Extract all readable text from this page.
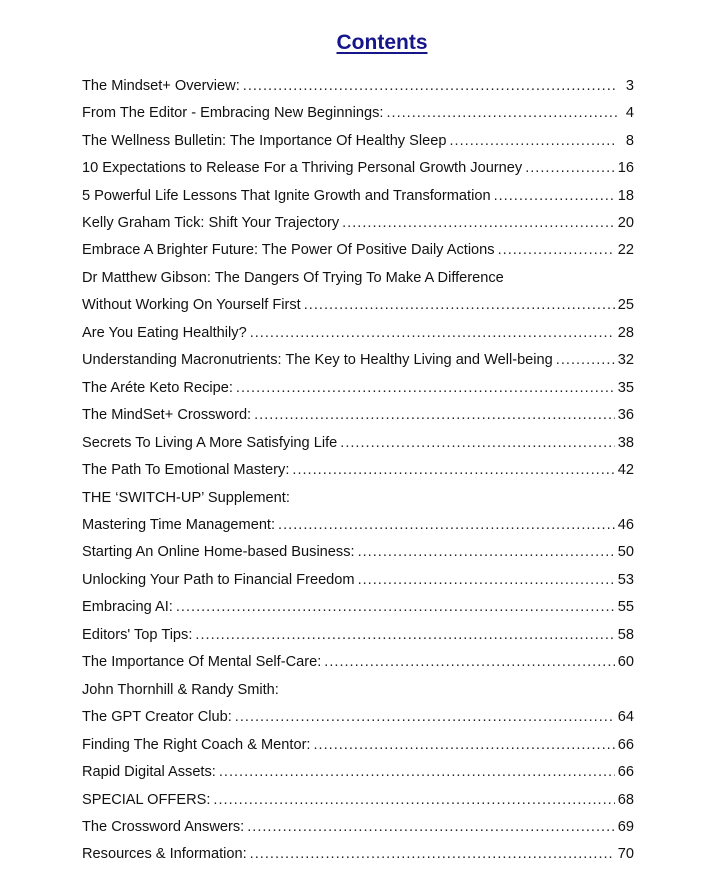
Contents
The Mindset+ Overview: .....	3
From The Editor - Embracing New Beginnings: .....	4
The Wellness Bulletin: The Importance Of Healthy Sleep .....	8
10 Expectations to Release For a Thriving Personal Growth Journey .....	16
5 Powerful Life Lessons That Ignite Growth and Transformation .....	18
Kelly Graham Tick: Shift Your Trajectory .....	20
Embrace A Brighter Future: The Power Of Positive Daily Actions .....	22
Dr Matthew Gibson: The Dangers Of Trying To Make A Difference
Without Working On Yourself First .....	25
Are You Eating Healthily? .....	28
Understanding Macronutrients: The Key to Healthy Living and Well-being .....	32
The Aréte Keto Recipe: .....	35
The MindSet+ Crossword: .....	36
Secrets To Living A More Satisfying Life .....	38
The Path To Emotional Mastery: .....	42
THE ‘SWITCH-UP’ Supplement:
Mastering Time Management: .....	46
Starting An Online Home-based Business: .....	50
Unlocking Your Path to Financial Freedom .....	53
Embracing AI: .....	55
Editors' Top Tips: .....	58
The Importance Of Mental Self-Care: .....	60
John Thornhill & Randy Smith:
The GPT Creator Club: .....	64
Finding The Right Coach & Mentor: .....	66
Rapid Digital Assets: .....	66
SPECIAL OFFERS: .....	68
The Crossword Answers: .....	69
Resources & Information: .....	70
